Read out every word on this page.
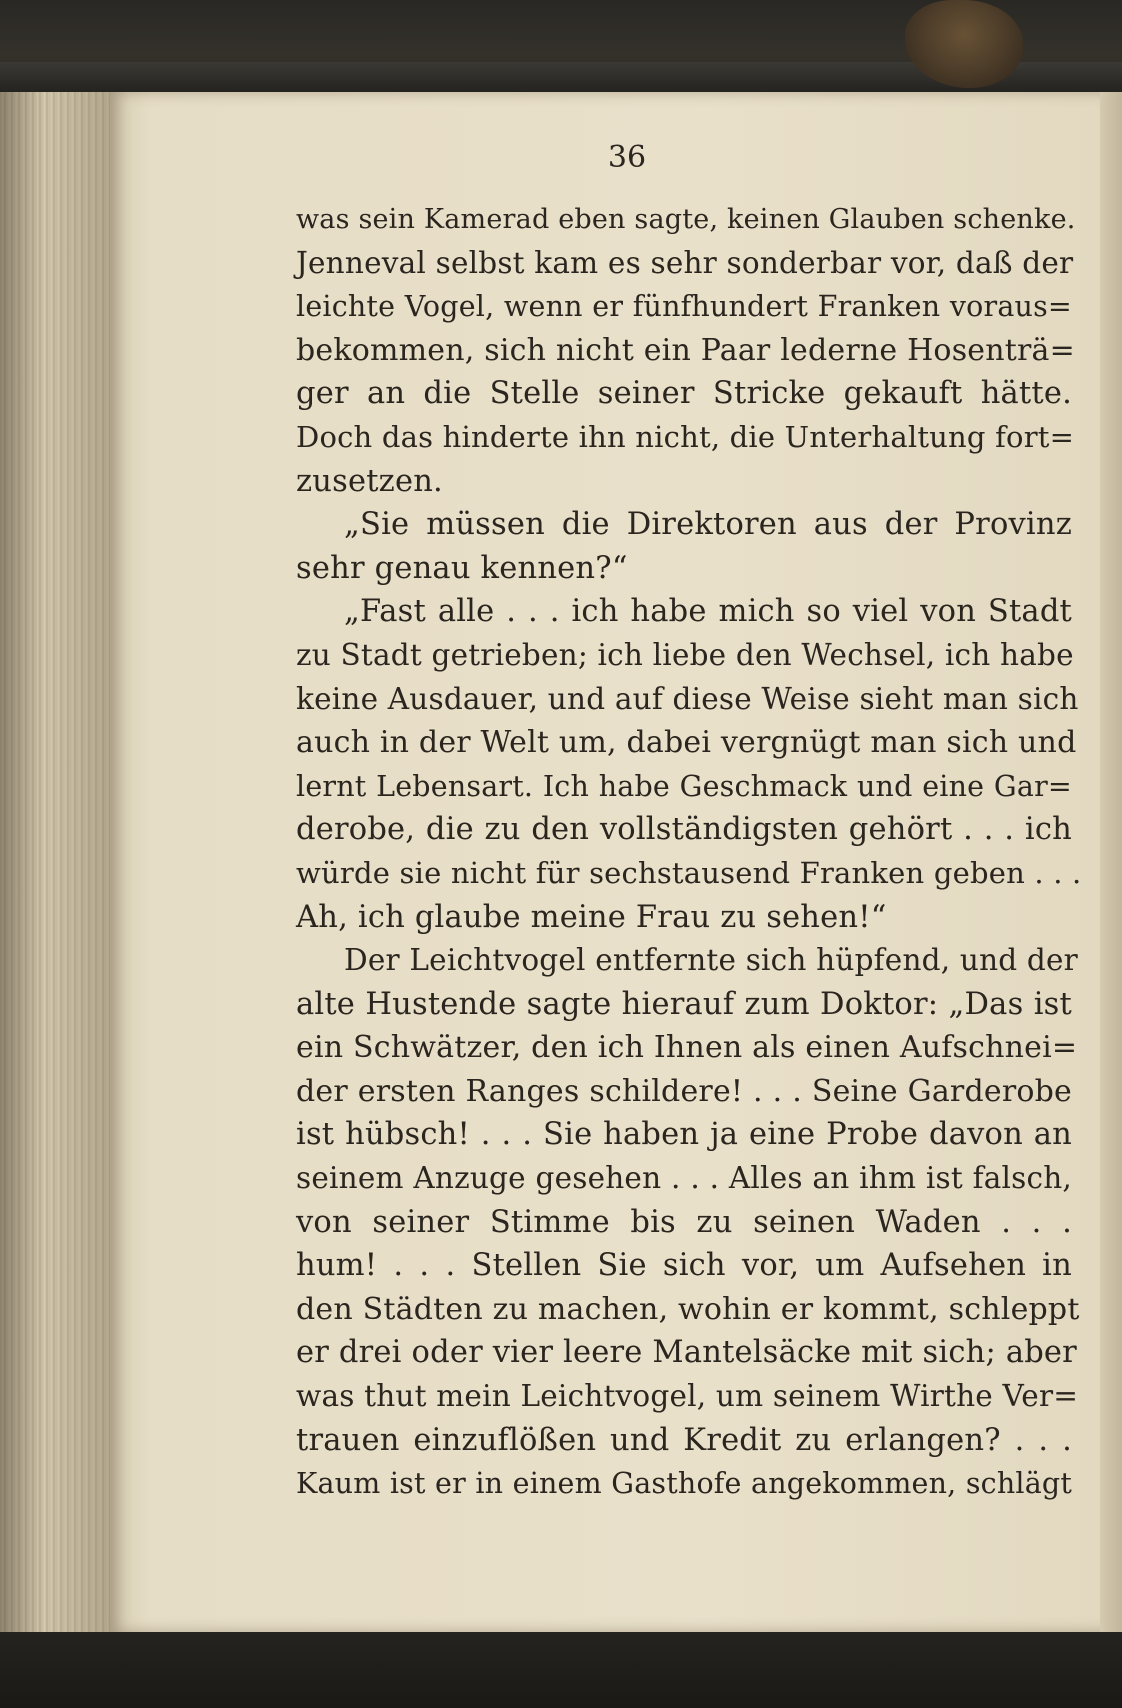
36
was sein Kamerad eben sagte, keinen Glauben schenke.
Jenneval selbst kam es sehr sonderbar vor, daß der
leichte Vogel, wenn er fünfhundert Franken voraus=
bekommen, sich nicht ein Paar lederne Hosenträ=
ger an die Stelle seiner Stricke gekauft hätte.
Doch das hinderte ihn nicht, die Unterhaltung fort=
zusetzen.
„Sie müssen die Direktoren aus der Provinz
sehr genau kennen?“
„Fast alle . . . ich habe mich so viel von Stadt
zu Stadt getrieben; ich liebe den Wechsel, ich habe
keine Ausdauer, und auf diese Weise sieht man sich
auch in der Welt um, dabei vergnügt man sich und
lernt Lebensart. Ich habe Geschmack und eine Gar=
derobe, die zu den vollständigsten gehört . . . ich
würde sie nicht für sechstausend Franken geben . . .
Ah, ich glaube meine Frau zu sehen!“
Der Leichtvogel entfernte sich hüpfend, und der
alte Hustende sagte hierauf zum Doktor: „Das ist
ein Schwätzer, den ich Ihnen als einen Aufschnei=
der ersten Ranges schildere! . . . Seine Garderobe
ist hübsch! . . . Sie haben ja eine Probe davon an
seinem Anzuge gesehen . . . Alles an ihm ist falsch,
von seiner Stimme bis zu seinen Waden . . .
hum! . . . Stellen Sie sich vor, um Aufsehen in
den Städten zu machen, wohin er kommt, schleppt
er drei oder vier leere Mantelsäcke mit sich; aber
was thut mein Leichtvogel, um seinem Wirthe Ver=
trauen einzuflößen und Kredit zu erlangen? . . .
Kaum ist er in einem Gasthofe angekommen, schlägt
